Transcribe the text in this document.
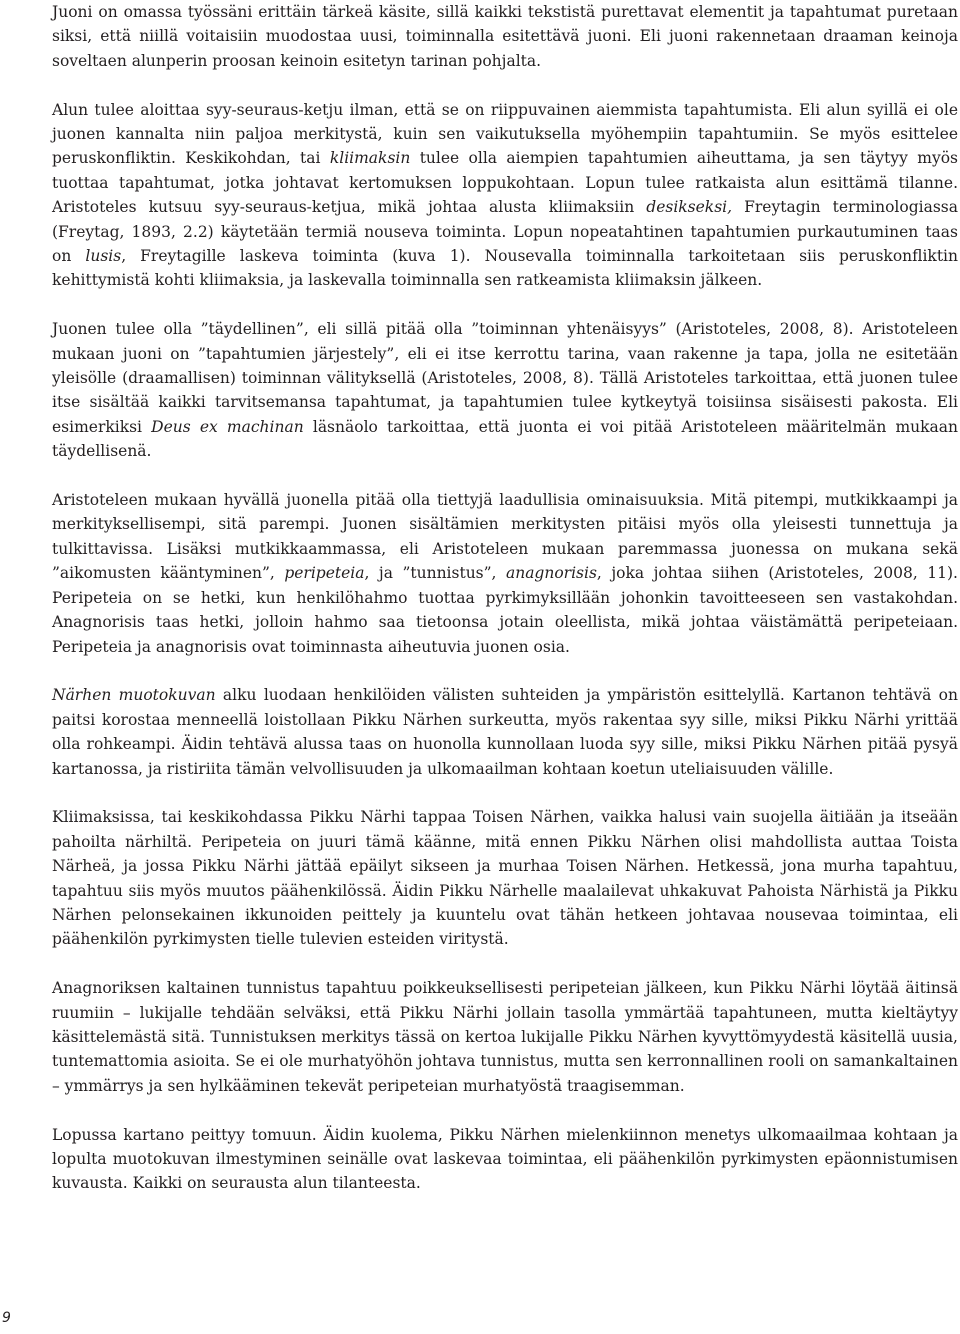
Juoni on omassa työssäni erittäin tärkeä käsite, sillä kaikki tekstistä purettavat elementit ja tapahtumat puretaan siksi, että niillä voitaisiin muodostaa uusi, toiminnalla esitettävä juoni. Eli juoni rakennetaan draaman keinoja soveltaen alunperin proosan keinoin esitetyn tarinan pohjalta.

Alun tulee aloittaa syy-seuraus-ketju ilman, että se on riippuvainen aiemmista tapahtumista. Eli alun syillä ei ole juonen kannalta niin paljoa merkitystä, kuin sen vaikutuksella myöhempiin tapahtumiin. Se myös esittelee peruskonfliktin. Keskikohdan, tai kliimaksin tulee olla aiempien tapahtumien aiheuttama, ja sen täytyy myös tuottaa tapahtumat, jotka johtavat kertomuksen loppukohtaan. Lopun tulee ratkaista alun esittämä tilanne. Aristoteles kutsuu syy-seuraus-ketjua, mikä johtaa alusta kliimaksiin desikseksi, Freytagin terminologiassa (Freytag, 1893, 2.2) käytetään termiä nouseva toiminta. Lopun nopeatahtinen tapahtumien purkautuminen taas on lusis, Freytagille laskeva toiminta (kuva 1). Nousevalla toiminnalla tarkoitetaan siis peruskonfliktin kehittymistä kohti kliimaksia, ja laskevalla toiminnalla sen ratkeamista kliimaksin jälkeen.

Juonen tulee olla ”täydellinen”, eli sillä pitää olla ”toiminnan yhtenäisyys” (Aristoteles, 2008, 8). Aristoteleen mukaan juoni on ”tapahtumien järjestely”, eli ei itse kerrottu tarina, vaan rakenne ja tapa, jolla ne esitetään yleisölle (draamallisen) toiminnan välityksellä (Aristoteles, 2008, 8). Tällä Aristoteles tarkoittaa, että juonen tulee itse sisältää kaikki tarvitsemansa tapahtumat, ja tapahtumien tulee kytkeytyä toisiinsa sisäisesti pakosta. Eli esimerkiksi Deus ex machinan läsnäolo tarkoittaa, että juonta ei voi pitää Aristoteleen määritelmän mukaan täydellisenä.

Aristoteleen mukaan hyvällä juonella pitää olla tiettyjä laadullisia ominaisuuksia. Mitä pitempi, mutkikkaampi ja merkityksellisempi, sitä parempi. Juonen sisältämien merkitysten pitäisi myös olla yleisesti tunnettuja ja tulkittavissa. Lisäksi mutkikkaammassa, eli Aristoteleen mukaan paremmassa juonessa on mukana sekä ”aikomusten kääntyminen”, peripeteia, ja ”tunnistus”, anagnorisis, joka johtaa siihen (Aristoteles, 2008, 11). Peripeteia on se hetki, kun henkilöhahmo tuottaa pyrkimyksillään johonkin tavoitteeseen sen vastakohdan. Anagnorisis taas hetki, jolloin hahmo saa tietoonsa jotain oleellista, mikä johtaa väistämättä peripeteiaan. Peripeteia ja anagnorisis ovat toiminnasta aiheutuvia juonen osia.

Närhen muotokuvan alku luodaan henkilöiden välisten suhteiden ja ympäristön esittelyllä. Kartanon tehtävä on paitsi korostaa menneellä loistollaan Pikku Närhen surkeutta, myös rakentaa syy sille, miksi Pikku Närhi yrittää olla rohkeampi. Äidin tehtävä alussa taas on huonolla kunnollaan luoda syy sille, miksi Pikku Närhen pitää pysyä kartanossa, ja ristiriita tämän velvollisuuden ja ulkomaailman kohtaan koetun uteliaisuuden välille.

Kliimaksissa, tai keskikohdassa Pikku Närhi tappaa Toisen Närhen, vaikka halusi vain suojella äitiään ja itseään pahoilta närhiltä. Peripeteia on juuri tämä käänne, mitä ennen Pikku Närhen olisi mahdollista auttaa Toista Närheä, ja jossa Pikku Närhi jättää epäilyt sikseen ja murhaa Toisen Närhen. Hetkessä, jona murha tapahtuu, tapahtuu siis myös muutos päähenkilössä. Äidin Pikku Närhelle maalailevat uhkakuvat Pahoista Närhistä ja Pikku Närhen pelonsekainen ikkunoiden peittely ja kuuntelu ovat tähän hetkeen johtavaa nousevaa toimintaa, eli päähenkilön pyrkimysten tielle tulevien esteiden viritystä.

Anagnoriksen kaltainen tunnistus tapahtuu poikkeuksellisesti peripeteian jälkeen, kun Pikku Närhi löytää äitinsä ruumiin – lukijalle tehdään selväksi, että Pikku Närhi jollain tasolla ymmärtää tapahtuneen, mutta kieltäytyy käsittelemästä sitä. Tunnistuksen merkitys tässä on kertoa lukijalle Pikku Närhen kyvyttömyydestä käsitellä uusia, tuntemattomia asioita. Se ei ole murhatyöhön johtava tunnistus, mutta sen kerronnallinen rooli on samankaltainen – ymmärrys ja sen hylkääminen tekevät peripeteian murhatyöstä traagisemman.

Lopussa kartano peittyy tomuun. Äidin kuolema, Pikku Närhen mielenkiinnon menetys ulkomaailmaa kohtaan ja lopulta muotokuvan ilmestyminen seinälle ovat laskevaa toimintaa, eli päähenkilön pyrkimysten epäonnistumisen kuvausta. Kaikki on seurausta alun tilanteesta.

9
